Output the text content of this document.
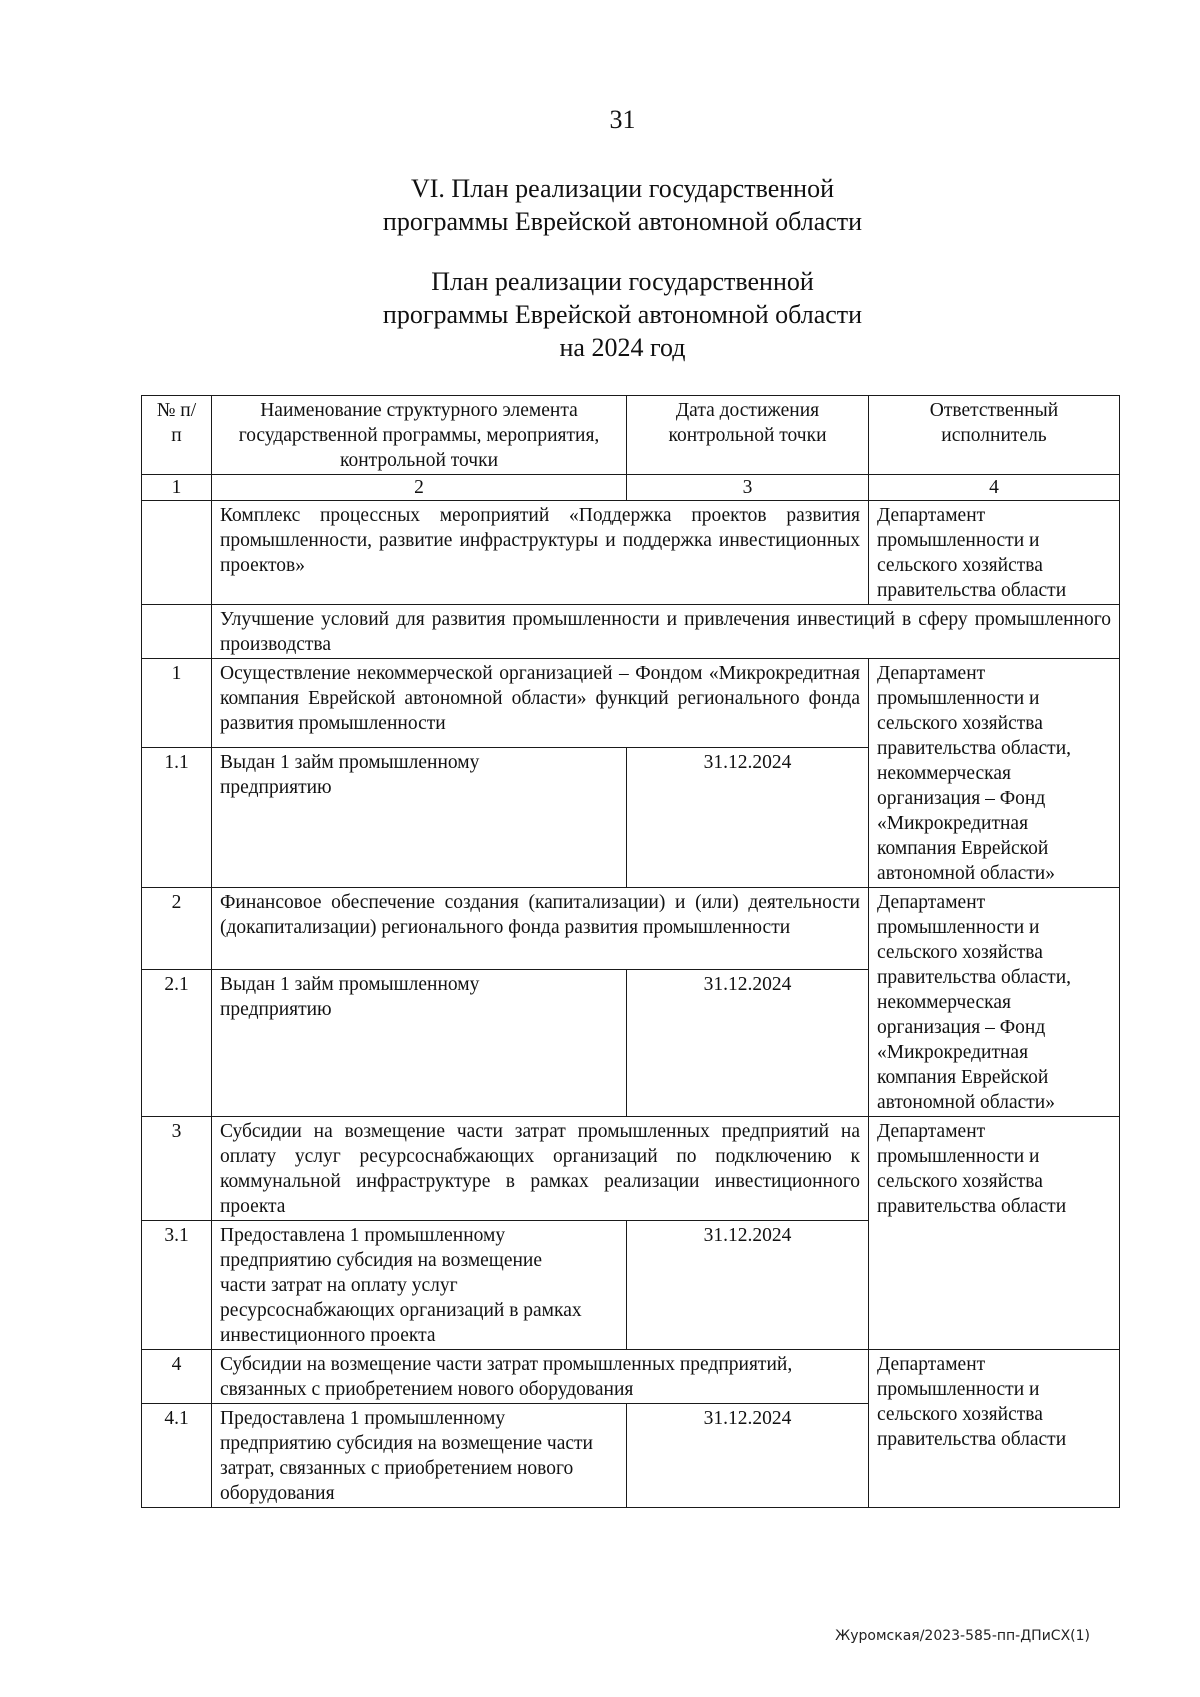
31
VI. План реализации государственной
программы Еврейской автономной области
План реализации государственной
программы Еврейской автономной области
на 2024 год
№ п/п	Наименование структурного элемента государственной программы, мероприятия, контрольной точки	Дата достижения контрольной точки	Ответственный исполнитель
1	2	3	4
	Комплекс процессных мероприятий «Поддержка проектов развития промышленности, развитие инфраструктуры и поддержка инвестиционных проектов»		Департамент промышленности и сельского хозяйства правительства области
	Улучшение условий для развития промышленности и привлечения инвестиций в сферу промышленного производства		
1	Осуществление некоммерческой организацией – Фондом «Микрокредитная компания Еврейской автономной области» функций регионального фонда развития промышленности		Департамент промышленности и сельского хозяйства правительства области, некоммерческая организация – Фонд «Микрокредитная компания Еврейской автономной области»
1.1	Выдан 1 займ промышленному предприятию	31.12.2024	
2	Финансовое обеспечение создания (капитализации) и (или) деятельности (докапитализации) регионального фонда развития промышленности		Департамент промышленности и сельского хозяйства правительства области, некоммерческая организация – Фонд «Микрокредитная компания Еврейской автономной области»
2.1	Выдан 1 займ промышленному предприятию	31.12.2024	
3	Субсидии на возмещение части затрат промышленных предприятий на оплату услуг ресурсоснабжающих организаций по подключению к коммунальной инфраструктуре в рамках реализации инвестиционного проекта		Департамент промышленности и сельского хозяйства правительства области
3.1	Предоставлена 1 промышленному предприятию субсидия на возмещение части затрат на оплату услуг ресурсоснабжающих организаций в рамках инвестиционного проекта	31.12.2024	
4	Субсидии на возмещение части затрат промышленных предприятий, связанных с приобретением нового оборудования		Департамент промышленности и сельского хозяйства правительства области
4.1	Предоставлена 1 промышленному предприятию субсидия на возмещение части затрат, связанных с приобретением нового оборудования	31.12.2024	
Журомская/2023-585-пп-ДПиСХ(1)
